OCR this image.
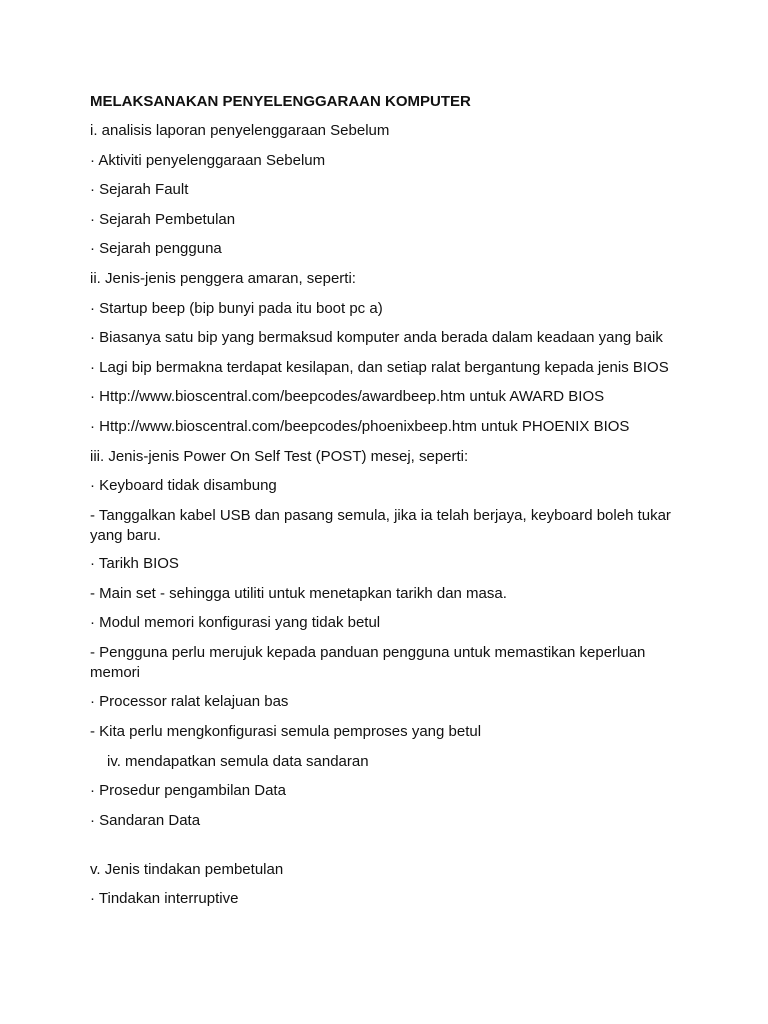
MELAKSANAKAN PENYELENGGARAAN KOMPUTER
i. analisis laporan penyelenggaraan Sebelum
· Aktiviti penyelenggaraan Sebelum
· Sejarah Fault
· Sejarah Pembetulan
· Sejarah pengguna
ii. Jenis-jenis penggera amaran, seperti:
· Startup beep (bip bunyi pada itu boot pc a)
· Biasanya satu bip yang bermaksud komputer anda berada dalam keadaan yang baik
· Lagi bip bermakna terdapat kesilapan, dan setiap ralat bergantung kepada jenis BIOS
· Http://www.bioscentral.com/beepcodes/awardbeep.htm untuk AWARD BIOS
· Http://www.bioscentral.com/beepcodes/phoenixbeep.htm untuk PHOENIX BIOS
iii. Jenis-jenis Power On Self Test (POST) mesej, seperti:
· Keyboard tidak disambung
- Tanggalkan kabel USB dan pasang semula, jika ia telah berjaya, keyboard boleh tukar yang baru.
· Tarikh BIOS
- Main set - sehingga utiliti untuk menetapkan tarikh dan masa.
· Modul memori konfigurasi yang tidak betul
- Pengguna perlu merujuk kepada panduan pengguna untuk memastikan keperluan memori
· Processor ralat kelajuan bas
- Kita perlu mengkonfigurasi semula pemproses yang betul
iv. mendapatkan semula data sandaran
· Prosedur pengambilan Data
· Sandaran Data
v. Jenis tindakan pembetulan
· Tindakan interruptive
